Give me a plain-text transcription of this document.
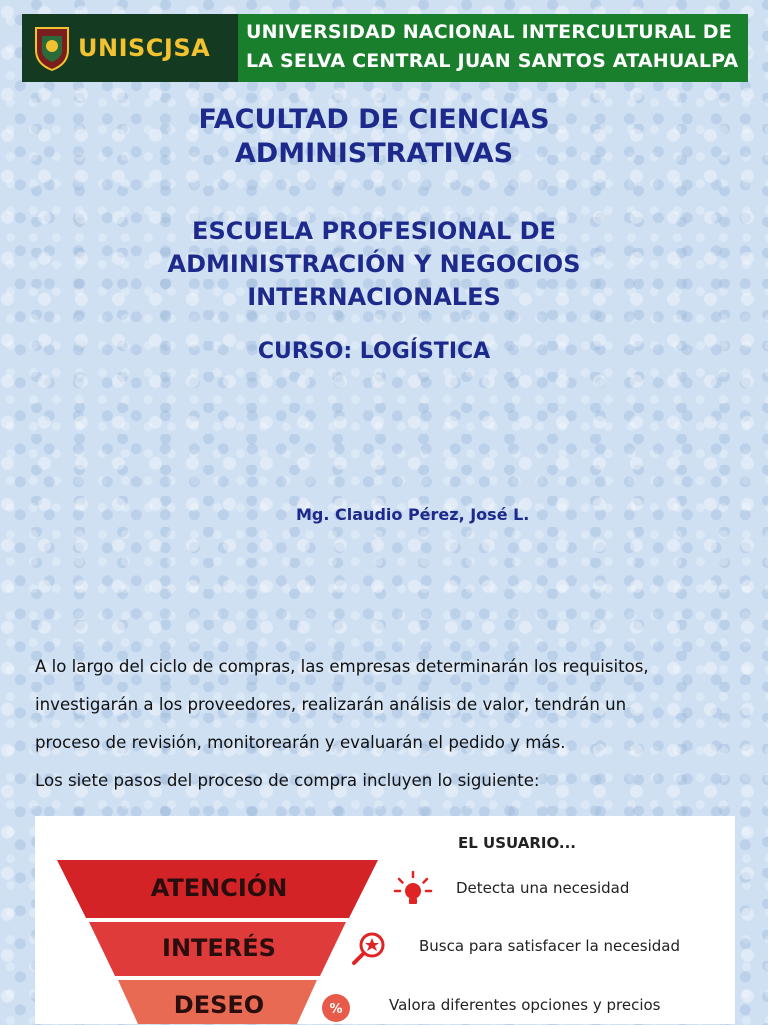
UNISCJSA
UNIVERSIDAD NACIONAL INTERCULTURAL DE
LA SELVA CENTRAL JUAN SANTOS ATAHUALPA
FACULTAD DE CIENCIAS
ADMINISTRATIVAS
ESCUELA PROFESIONAL DE
ADMINISTRACIÓN Y NEGOCIOS
INTERNACIONALES
CURSO: LOGÍSTICA
Mg. Claudio Pérez, José L.
A lo largo del ciclo de compras, las empresas determinarán los requisitos,
investigarán a los proveedores, realizarán análisis de valor, tendrán un
proceso de revisión, monitorearán y evaluarán el pedido y más.
Los siete pasos del proceso de compra incluyen lo siguiente:
EL USUARIO...
ATENCIÓN
INTERÉS
DESEO
Detecta una necesidad
Busca para satisfacer la necesidad
%	Valora diferentes opciones y precios
